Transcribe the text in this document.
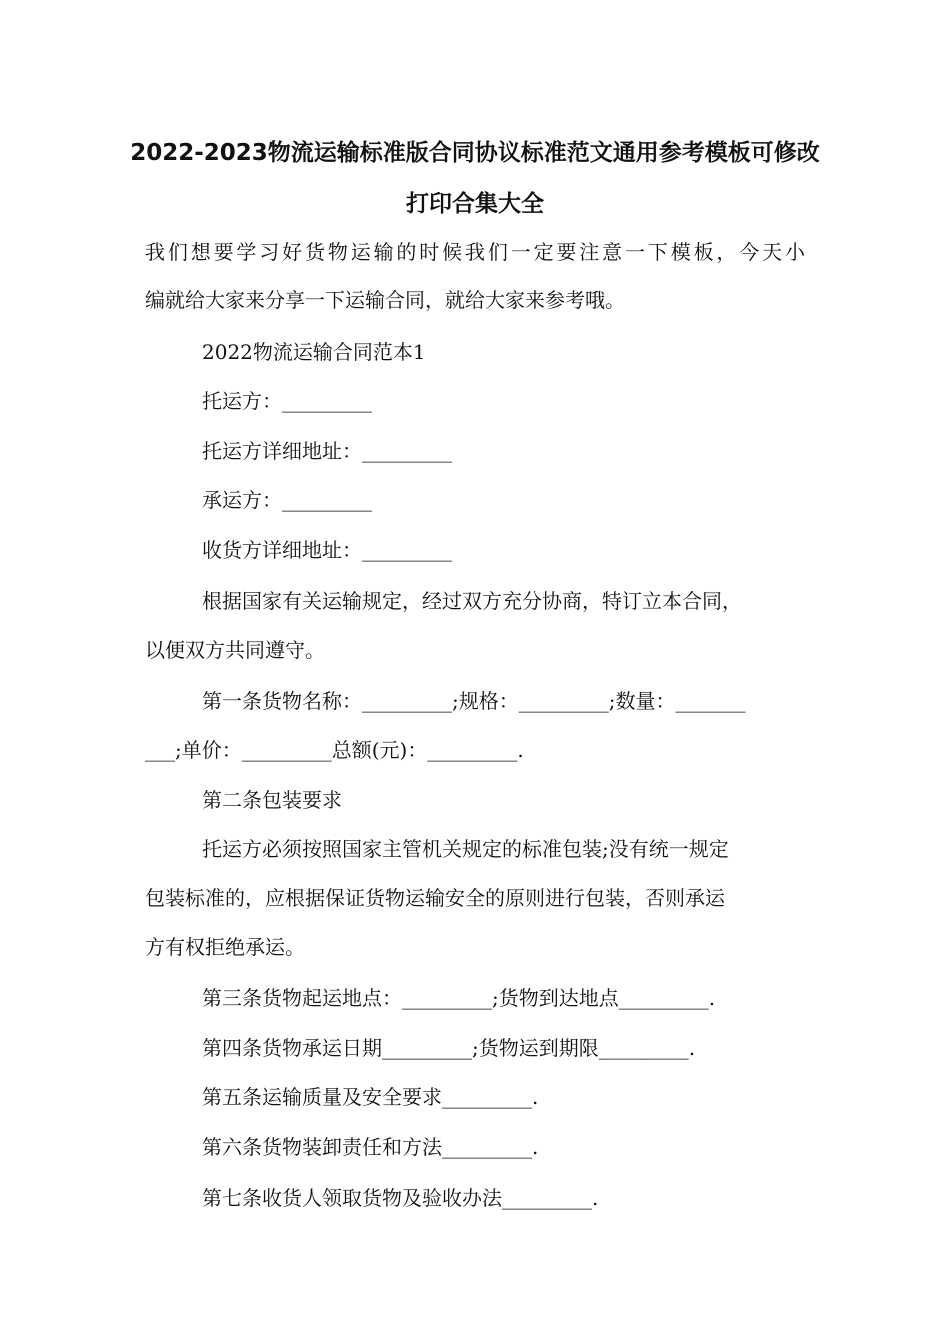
2022-2023物流运输标准版合同协议标准范文通用参考模板可修改
打印合集大全
我们想要学习好货物运输的时候我们一定要注意一下模板，今天小
编就给大家来分享一下运输合同，就给大家来参考哦。
2022物流运输合同范本1
托运方：_________
托运方详细地址：_________
承运方：_________
收货方详细地址：_________
根据国家有关运输规定，经过双方充分协商，特订立本合同，
以便双方共同遵守。
第一条货物名称：_________;规格：_________;数量：_______
___;单价：_________总额(元)：_________.
第二条包装要求
托运方必须按照国家主管机关规定的标准包装;没有统一规定
包装标准的，应根据保证货物运输安全的原则进行包装，否则承运
方有权拒绝承运。
第三条货物起运地点：_________;货物到达地点_________.
第四条货物承运日期_________;货物运到期限_________.
第五条运输质量及安全要求_________.
第六条货物装卸责任和方法_________.
第七条收货人领取货物及验收办法_________.
